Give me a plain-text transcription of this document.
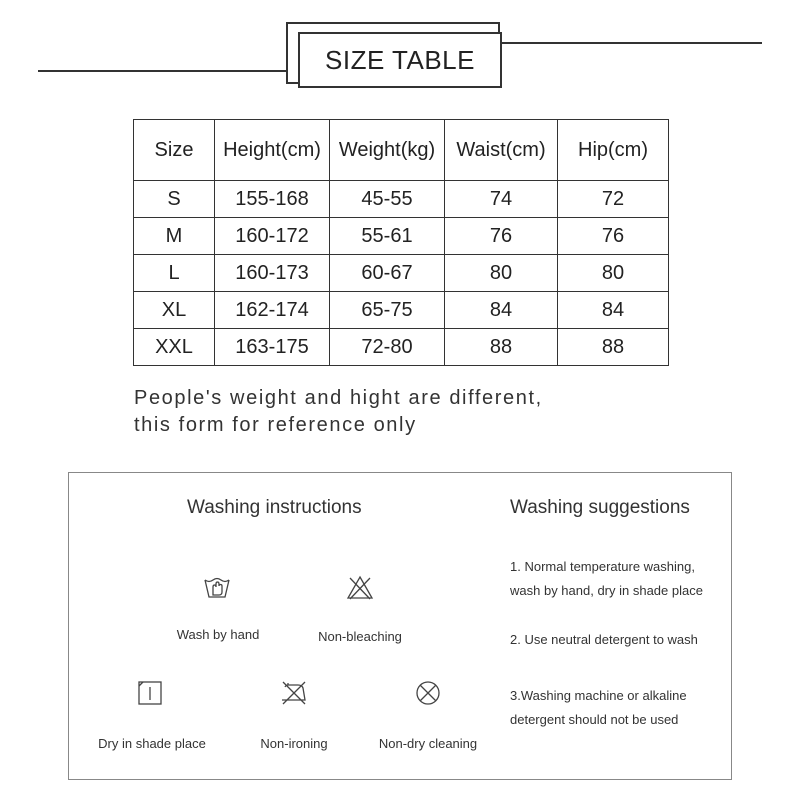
SIZE TABLE
Size	Height(cm)	Weight(kg)	Waist(cm)	Hip(cm)
S	155-168	45-55	74	72
M	160-172	55-61	76	76
L	160-173	60-67	80	80
XL	162-174	65-75	84	84
XXL	163-175	72-80	88	88
People's weight and hight are different,
this form for reference only
Washing instructions	Washing suggestions
Wash by hand	Non-bleaching
Dry in shade place	Non-ironing	Non-dry cleaning
1. Normal temperature washing,
wash by hand, dry in shade place
2. Use neutral detergent to wash
3.Washing machine or alkaline
detergent should not be used
